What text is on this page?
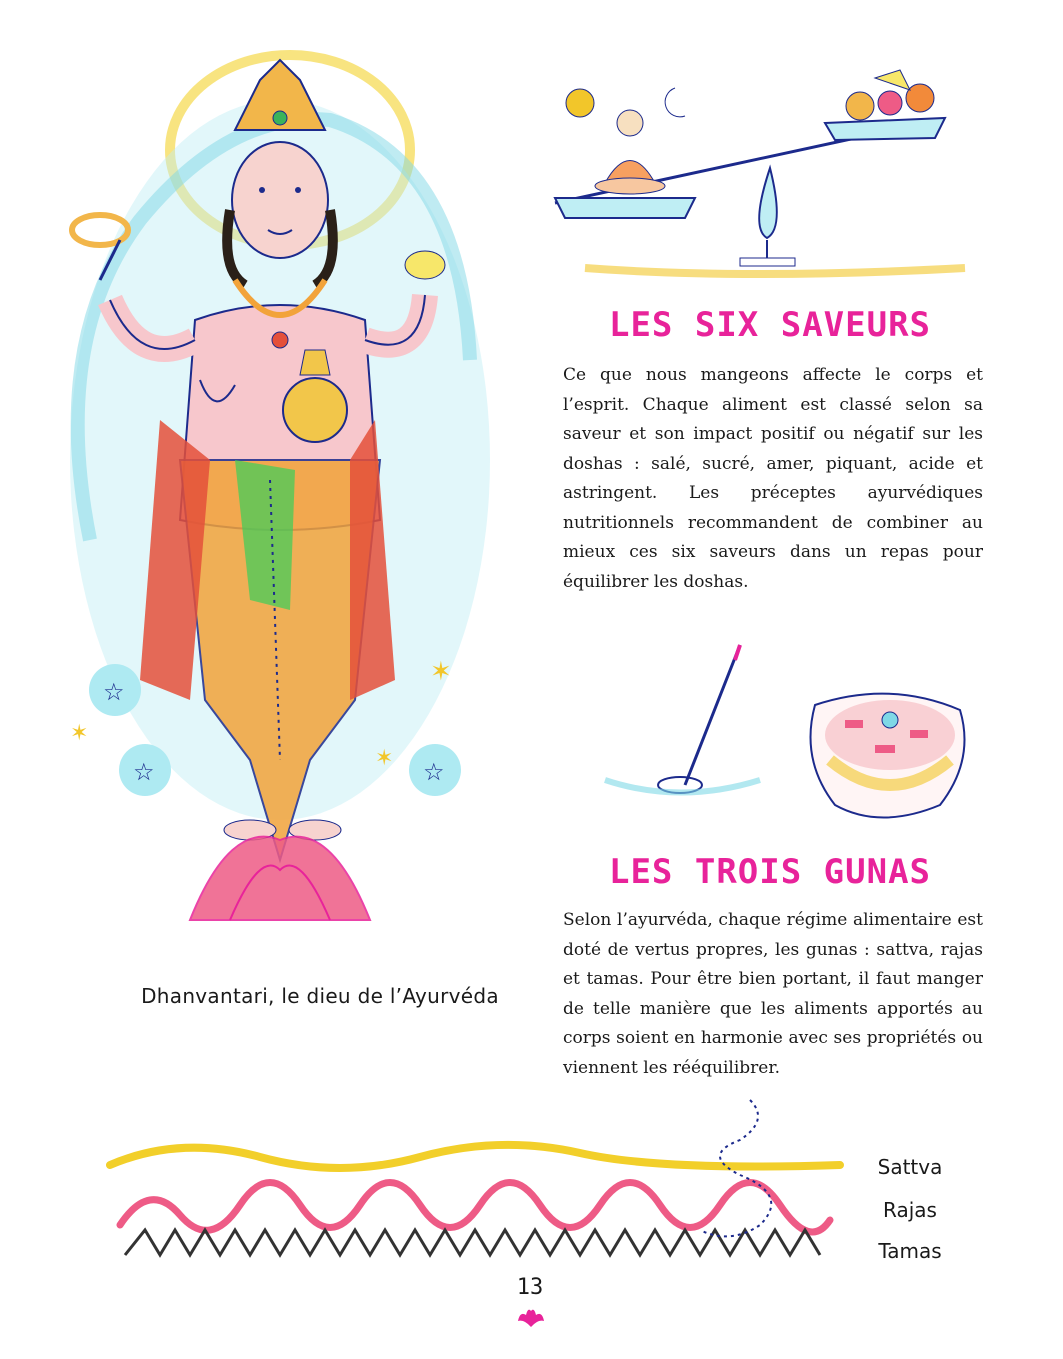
☆
☆	☆
✶
✶
✶
Dhanvantari, le dieu de l’Ayurvéda
LES SIX SAVEURS
Ce que nous mangeons affecte le corps et l’esprit. Chaque aliment est classé selon sa saveur et son impact positif ou négatif sur les doshas : salé, sucré, amer, piquant, acide et astringent. Les préceptes ayurvédiques nutritionnels recommandent de combiner au mieux ces six saveurs dans un repas pour équilibrer les doshas.
LES TROIS GUNAS
Selon l’ayurvéda, chaque régime alimentaire est doté de vertus propres, les gunas : sattva, rajas et tamas. Pour être bien portant, il faut manger de telle manière que les aliments apportés au corps soient en harmonie avec ses propriétés ou viennent les rééquilibrer.
Sattva
Rajas
Tamas
13
